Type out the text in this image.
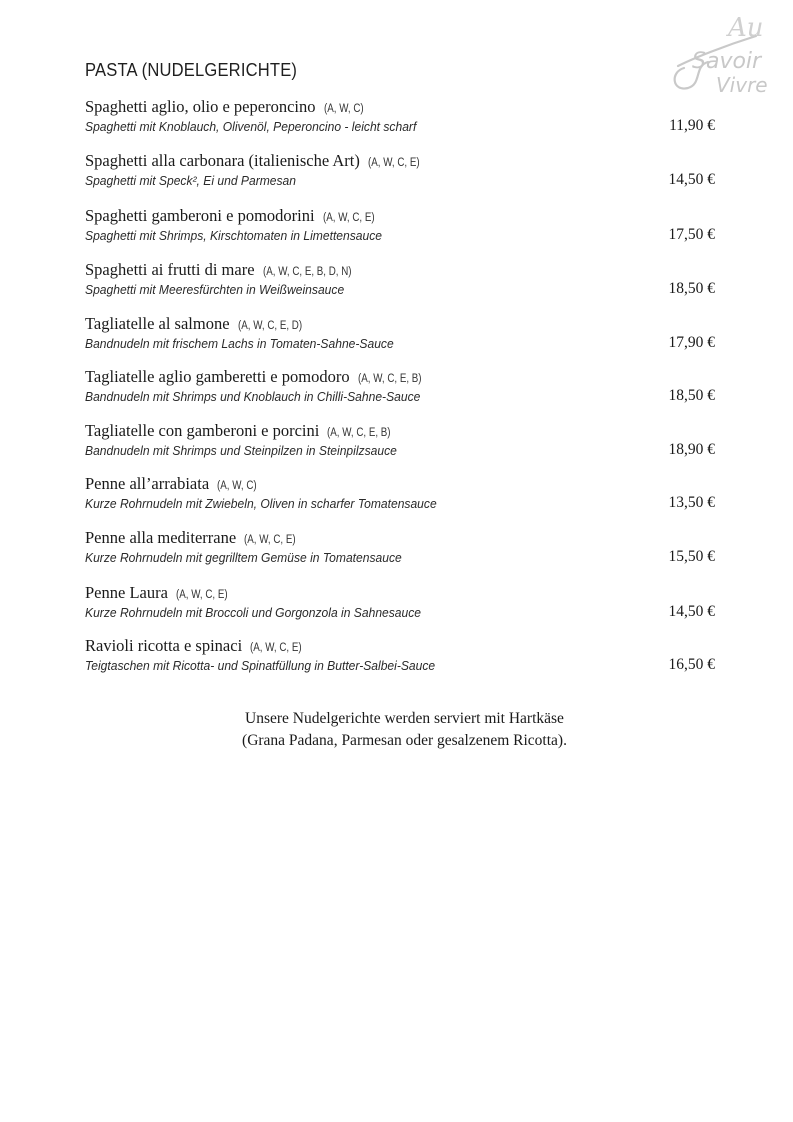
Au
Savoir
Vivre
PASTA (NUDELGERICHTE)
Spaghetti aglio, olio e peperoncino (A, W, C)
Spaghetti mit Knoblauch, Olivenöl, Peperoncino - leicht scharf	11,90 €
Spaghetti alla carbonara (italienische Art) (A, W, C, E)
Spaghetti mit Speck², Ei und Parmesan	14,50 €
Spaghetti gamberoni e pomodorini (A, W, C, E)
Spaghetti mit Shrimps, Kirschtomaten in Limettensauce	17,50 €
Spaghetti ai frutti di mare (A, W, C, E, B, D, N)
Spaghetti mit Meeresfürchten in Weißweinsauce	18,50 €
Tagliatelle al salmone (A, W, C, E, D)
Bandnudeln mit frischem Lachs in Tomaten-Sahne-Sauce	17,90 €
Tagliatelle aglio gamberetti e pomodoro (A, W, C, E, B)
Bandnudeln mit Shrimps und Knoblauch in Chilli-Sahne-Sauce	18,50 €
Tagliatelle con gamberoni e porcini (A, W, C, E, B)
Bandnudeln mit Shrimps und Steinpilzen in Steinpilzsauce	18,90 €
Penne all’arrabiata (A, W, C)
Kurze Rohrnudeln mit Zwiebeln, Oliven in scharfer Tomatensauce	13,50 €
Penne alla mediterrane (A, W, C, E)
Kurze Rohrnudeln mit gegrilltem Gemüse in Tomatensauce	15,50 €
Penne Laura (A, W, C, E)
Kurze Rohrnudeln mit Broccoli und Gorgonzola in Sahnesauce	14,50 €
Ravioli ricotta e spinaci (A, W, C, E)
Teigtaschen mit Ricotta- und Spinatfüllung in Butter-Salbei-Sauce	16,50 €
Unsere Nudelgerichte werden serviert mit Hartkäse
(Grana Padana, Parmesan oder gesalzenem Ricotta).
